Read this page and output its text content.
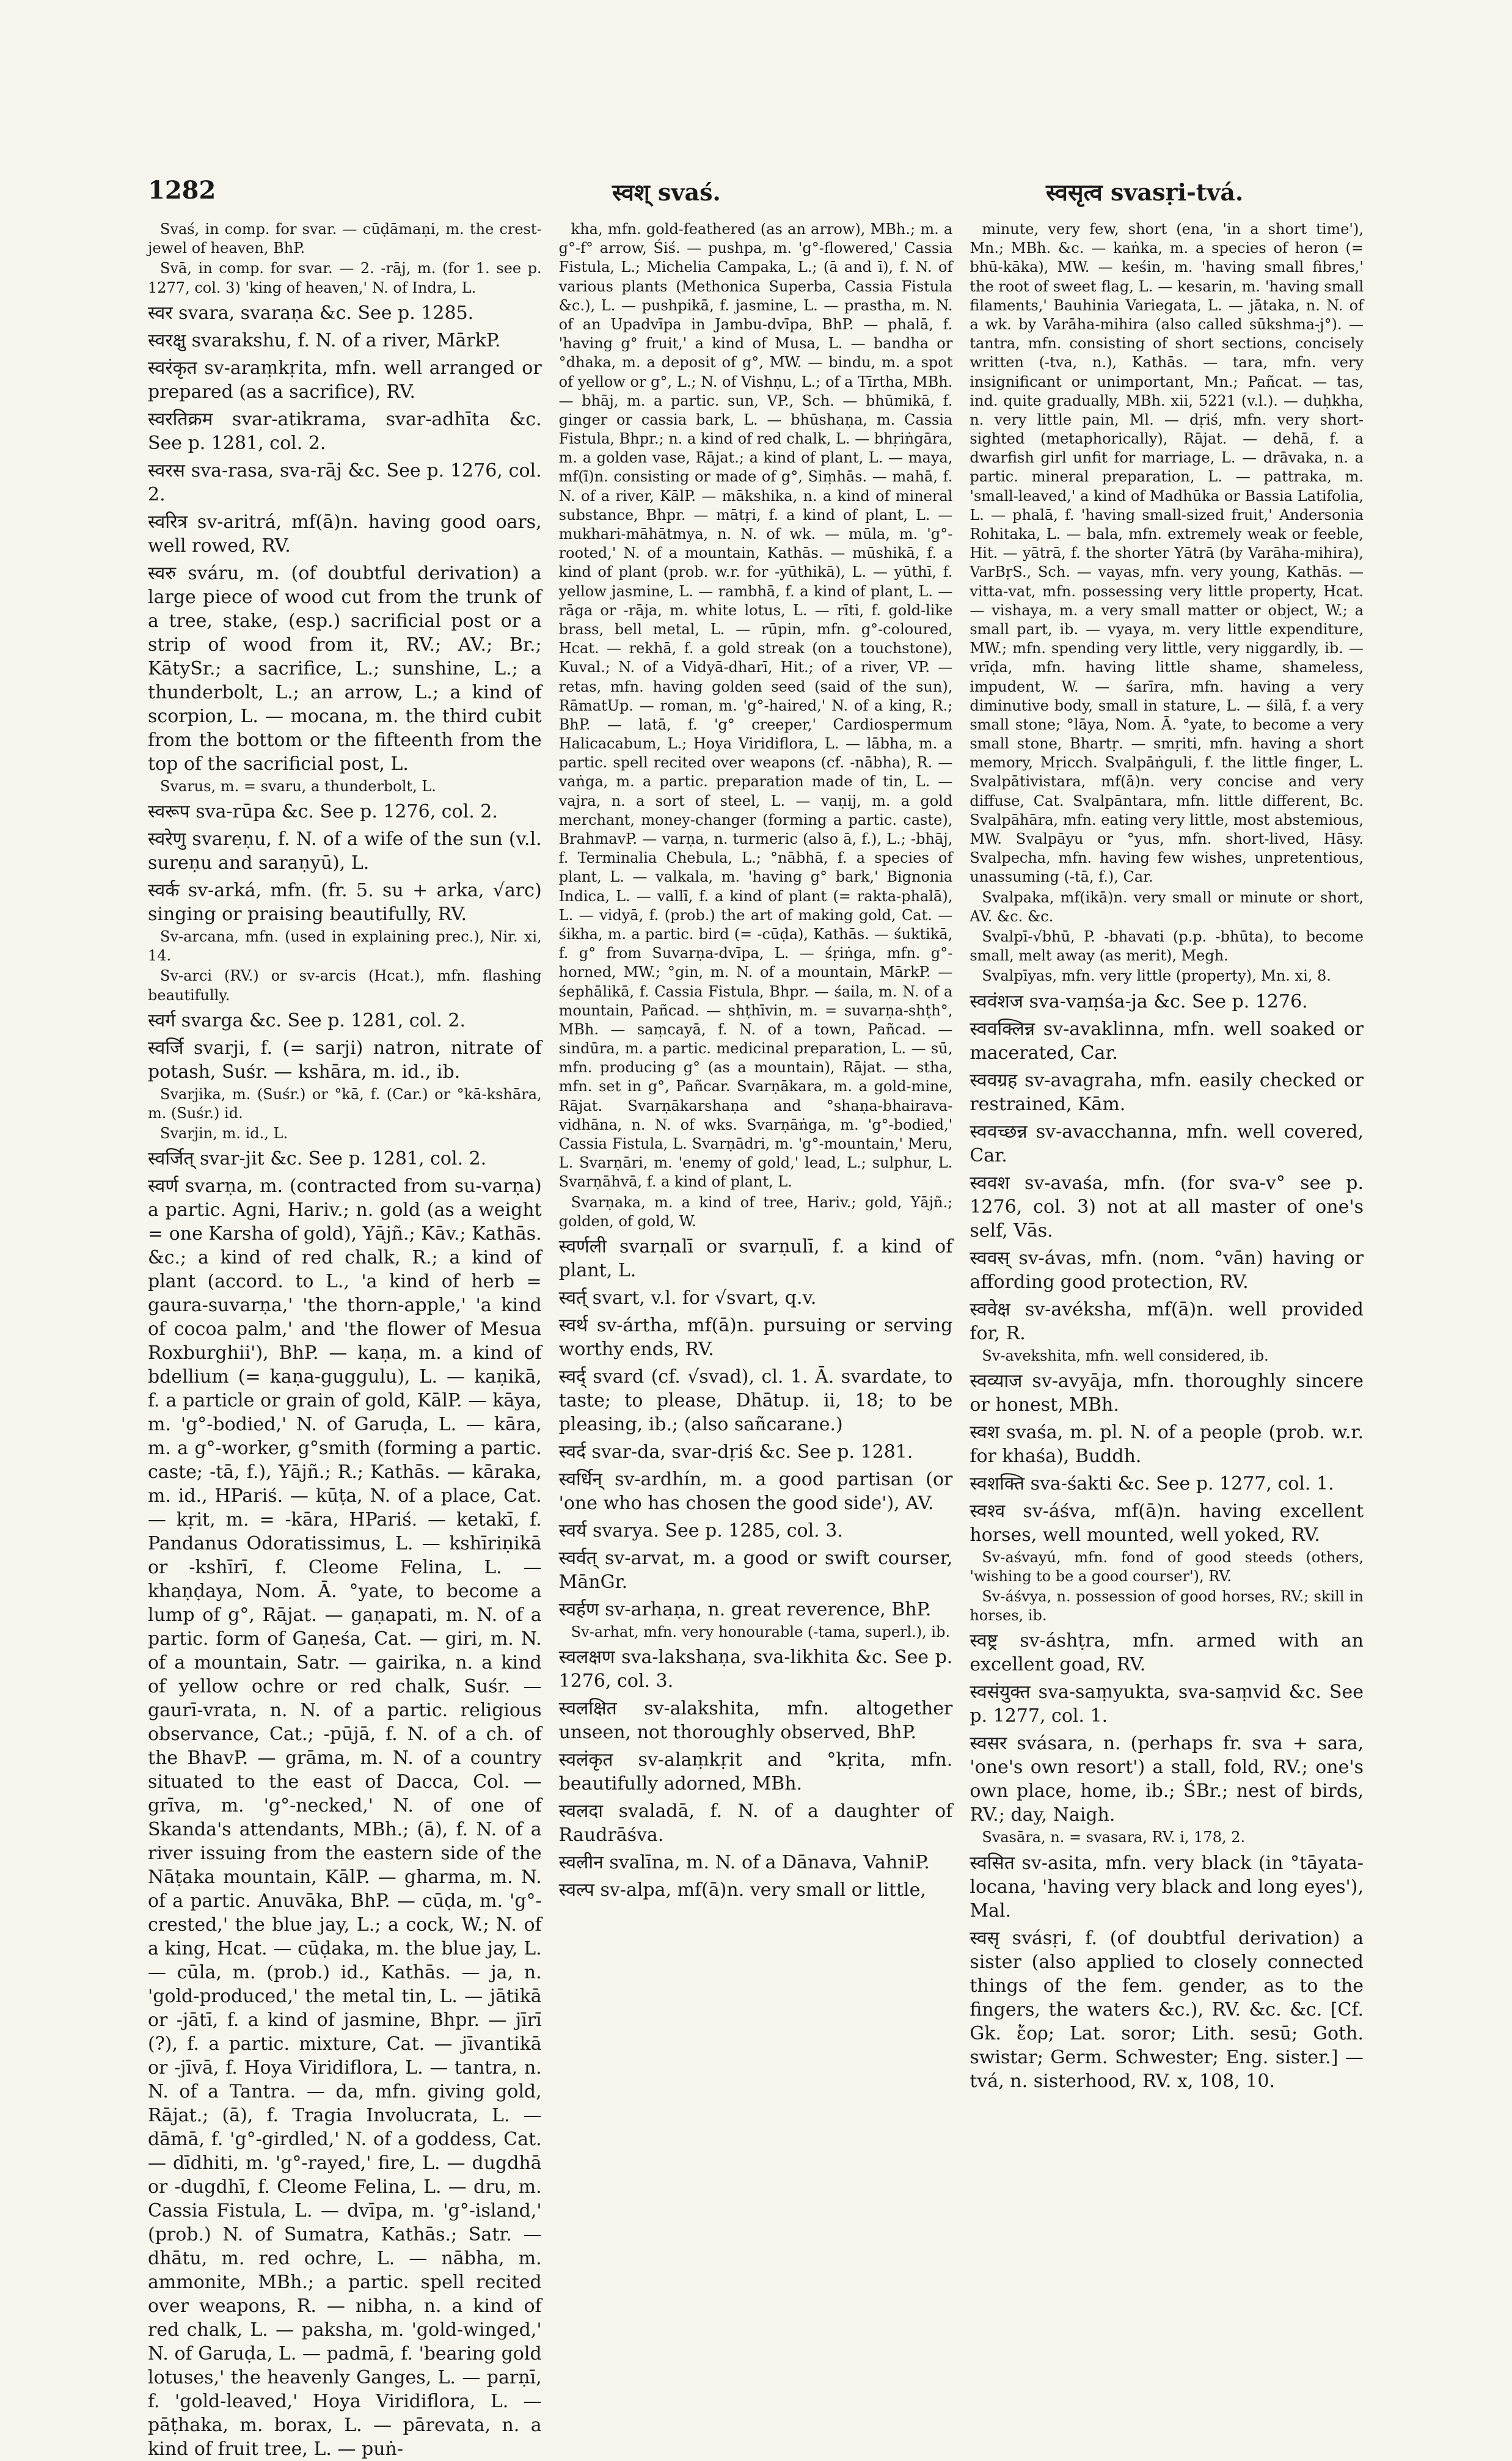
1282	स्वश् svaś.	स्वसृत्व svasṛi-tvá.

Svaś, in comp. for svar. — cūḍāmaṇi, m. the crest-jewel of heaven, BhP.

Svā, in comp. for svar. — 2. -rāj, m. (for 1. see p. 1277, col. 3) 'king of heaven,' N. of Indra, L.

स्वर svara, svaraṇa &c. See p. 1285.

स्वरक्षु svarakshu, f. N. of a river, MārkP.

स्वरंकृत sv-araṃkṛita, mfn. well arranged or prepared (as a sacrifice), RV.

स्वरतिक्रम svar-atikrama, svar-adhīta &c. See p. 1281, col. 2.

स्वरस sva-rasa, sva-rāj &c. See p. 1276, col. 2.

स्वरित्र sv-aritrá, mf(ā)n. having good oars, well rowed, RV.

स्वरु sváru, m. (of doubtful derivation) a large piece of wood cut from the trunk of a tree, stake, (esp.) sacrificial post or a strip of wood from it, RV.; AV.; Br.; KātySr.; a sacrifice, L.; sunshine, L.; a thunderbolt, L.; an arrow, L.; a kind of scorpion, L. — mocana, m. the third cubit from the bottom or the fifteenth from the top of the sacrificial post, L.

Svarus, m. = svaru, a thunderbolt, L.

स्वरूप sva-rūpa &c. See p. 1276, col. 2.

स्वरेणु svareṇu, f. N. of a wife of the sun (v.l. sureṇu and saraṇyū), L.

स्वर्क sv-arká, mfn. (fr. 5. su + arka, √arc) singing or praising beautifully, RV.

Sv-arcana, mfn. (used in explaining prec.), Nir. xi, 14.

Sv-arci (RV.) or sv-arcis (Hcat.), mfn. flashing beautifully.

स्वर्ग svarga &c. See p. 1281, col. 2.

स्वर्जि svarji, f. (= sarji) natron, nitrate of potash, Suśr. — kshāra, m. id., ib.

Svarjika, m. (Suśr.) or °kā, f. (Car.) or °kā-kshāra, m. (Suśr.) id.

Svarjin, m. id., L.

स्वर्जित् svar-jit &c. See p. 1281, col. 2.

स्वर्ण svarṇa, m. (contracted from su-varṇa) a partic. Agni, Hariv.; n. gold (as a weight = one Karsha of gold), Yājñ.; Kāv.; Kathās. &c.; a kind of red chalk, R.; a kind of plant (accord. to L., 'a kind of herb = gaura-suvarṇa,' 'the thorn-apple,' 'a kind of cocoa palm,' and 'the flower of Mesua Roxburghii'), BhP. — kaṇa, m. a kind of bdellium (= kaṇa-guggulu), L. — kaṇikā, f. a particle or grain of gold, KālP. — kāya, m. 'g°-bodied,' N. of Garuḍa, L. — kāra, m. a g°-worker, g°smith (forming a partic. caste; -tā, f.), Yājñ.; R.; Kathās. — kāraka, m. id., HPariś. — kūṭa, N. of a place, Cat. — kṛit, m. = -kāra, HPariś. — ketakī, f. Pandanus Odoratissimus, L. — kshīriṇikā or -kshīrī, f. Cleome Felina, L. — khaṇḍaya, Nom. Ā. °yate, to become a lump of g°, Rājat. — gaṇapati, m. N. of a partic. form of Gaṇeśa, Cat. — giri, m. N. of a mountain, Satr. — gairika, n. a kind of yellow ochre or red chalk, Suśr. — gaurī-vrata, n. N. of a partic. religious observance, Cat.; -pūjā, f. N. of a ch. of the BhavP. — grāma, m. N. of a country situated to the east of Dacca, Col. — grīva, m. 'g°-necked,' N. of one of Skanda's attendants, MBh.; (ā), f. N. of a river issuing from the eastern side of the Nāṭaka mountain, KālP. — gharma, m. N. of a partic. Anuvāka, BhP. — cūḍa, m. 'g°-crested,' the blue jay, L.; a cock, W.; N. of a king, Hcat. — cūḍaka, m. the blue jay, L. — cūla, m. (prob.) id., Kathās. — ja, n. 'gold-produced,' the metal tin, L. — jātikā or -jātī, f. a kind of jasmine, Bhpr. — jīrī (?), f. a partic. mixture, Cat. — jīvantikā or -jīvā, f. Hoya Viridiflora, L. — tantra, n. N. of a Tantra. — da, mfn. giving gold, Rājat.; (ā), f. Tragia Involucrata, L. — dāmā, f. 'g°-girdled,' N. of a goddess, Cat. — dīdhiti, m. 'g°-rayed,' fire, L. — dugdhā or -dugdhī, f. Cleome Felina, L. — dru, m. Cassia Fistula, L. — dvīpa, m. 'g°-island,' (prob.) N. of Sumatra, Kathās.; Satr. — dhātu, m. red ochre, L. — nābha, m. ammonite, MBh.; a partic. spell recited over weapons, R. — nibha, n. a kind of red chalk, L. — paksha, m. 'gold-winged,' N. of Garuḍa, L. — padmā, f. 'bearing gold lotuses,' the heavenly Ganges, L. — parṇī, f. 'gold-leaved,' Hoya Viridiflora, L. — pāṭhaka, m. borax, L. — pārevata, n. a kind of fruit tree, L. — puṅ-

kha, mfn. gold-feathered (as an arrow), MBh.; m. a g°-f° arrow, Śiś. — pushpa, m. 'g°-flowered,' Cassia Fistula, L.; Michelia Campaka, L.; (ā and ī), f. N. of various plants (Methonica Superba, Cassia Fistula &c.), L. — pushpikā, f. jasmine, L. — prastha, m. N. of an Upadvīpa in Jambu-dvīpa, BhP. — phalā, f. 'having g° fruit,' a kind of Musa, L. — bandha or °dhaka, m. a deposit of g°, MW. — bindu, m. a spot of yellow or g°, L.; N. of Vishṇu, L.; of a Tīrtha, MBh. — bhāj, m. a partic. sun, VP., Sch. — bhūmikā, f. ginger or cassia bark, L. — bhūshaṇa, m. Cassia Fistula, Bhpr.; n. a kind of red chalk, L. — bhṛiṅgāra, m. a golden vase, Rājat.; a kind of plant, L. — maya, mf(ī)n. consisting or made of g°, Siṃhās. — mahā, f. N. of a river, KālP. — mākshika, n. a kind of mineral substance, Bhpr. — mātṛi, f. a kind of plant, L. — mukhari-māhātmya, n. N. of wk. — mūla, m. 'g°-rooted,' N. of a mountain, Kathās. — mūshikā, f. a kind of plant (prob. w.r. for -yūthikā), L. — yūthī, f. yellow jasmine, L. — rambhā, f. a kind of plant, L. — rāga or -rāja, m. white lotus, L. — rīti, f. gold-like brass, bell metal, L. — rūpin, mfn. g°-coloured, Hcat. — rekhā, f. a gold streak (on a touchstone), Kuval.; N. of a Vidyā-dharī, Hit.; of a river, VP. — retas, mfn. having golden seed (said of the sun), RāmatUp. — roman, m. 'g°-haired,' N. of a king, R.; BhP. — latā, f. 'g° creeper,' Cardiospermum Halicacabum, L.; Hoya Viridiflora, L. — lābha, m. a partic. spell recited over weapons (cf. -nābha), R. — vaṅga, m. a partic. preparation made of tin, L. — vajra, n. a sort of steel, L. — vaṇij, m. a gold merchant, money-changer (forming a partic. caste), BrahmavP. — varṇa, n. turmeric (also ā, f.), L.; -bhāj, f. Terminalia Chebula, L.; °nābhā, f. a species of plant, L. — valkala, m. 'having g° bark,' Bignonia Indica, L. — vallī, f. a kind of plant (= rakta-phalā), L. — vidyā, f. (prob.) the art of making gold, Cat. — śikha, m. a partic. bird (= -cūḍa), Kathās. — śuktikā, f. g° from Suvarṇa-dvīpa, L. — śṛiṅga, mfn. g°-horned, MW.; °gin, m. N. of a mountain, MārkP. — śephālikā, f. Cassia Fistula, Bhpr. — śaila, m. N. of a mountain, Pañcad. — shṭhīvin, m. = suvarṇa-shṭh°, MBh. — saṃcayā, f. N. of a town, Pañcad. — sindūra, m. a partic. medicinal preparation, L. — sū, mfn. producing g° (as a mountain), Rājat. — stha, mfn. set in g°, Pañcar. Svarṇākara, m. a gold-mine, Rājat. Svarṇākarshaṇa and °shaṇa-bhairava-vidhāna, n. N. of wks. Svarṇāṅga, m. 'g°-bodied,' Cassia Fistula, L. Svarṇādri, m. 'g°-mountain,' Meru, L. Svarṇāri, m. 'enemy of gold,' lead, L.; sulphur, L. Svarṇāhvā, f. a kind of plant, L.

Svarṇaka, m. a kind of tree, Hariv.; gold, Yājñ.; golden, of gold, W.

स्वर्णली svarṇalī or svarṇulī, f. a kind of plant, L.

स्वर्त् svart, v.l. for √svart, q.v.

स्वर्थ sv-ártha, mf(ā)n. pursuing or serving worthy ends, RV.

स्वर्द् svard (cf. √svad), cl. 1. Ā. svardate, to taste; to please, Dhātup. ii, 18; to be pleasing, ib.; (also sañcarane.)

स्वर्द svar-da, svar-dṛiś &c. See p. 1281.

स्वर्धिन् sv-ardhín, m. a good partisan (or 'one who has chosen the good side'), AV.

स्वर्य svarya. See p. 1285, col. 3.

स्वर्वत् sv-arvat, m. a good or swift courser, MānGr.

स्वर्हण sv-arhaṇa, n. great reverence, BhP.

Sv-arhat, mfn. very honourable (-tama, superl.), ib.

स्वलक्षण sva-lakshaṇa, sva-likhita &c. See p. 1276, col. 3.

स्वलक्षित sv-alakshita, mfn. altogether unseen, not thoroughly observed, BhP.

स्वलंकृत sv-alaṃkṛit and °kṛita, mfn. beautifully adorned, MBh.

स्वलदा svaladā, f. N. of a daughter of Raudrāśva.

स्वलीन svalīna, m. N. of a Dānava, VahniP.

स्वल्प sv-alpa, mf(ā)n. very small or little,

minute, very few, short (ena, 'in a short time'), Mn.; MBh. &c. — kaṅka, m. a species of heron (= bhū-kāka), MW. — keśin, m. 'having small fibres,' the root of sweet flag, L. — kesarin, m. 'having small filaments,' Bauhinia Variegata, L. — jātaka, n. N. of a wk. by Varāha-mihira (also called sūkshma-j°). — tantra, mfn. consisting of short sections, concisely written (-tva, n.), Kathās. — tara, mfn. very insignificant or unimportant, Mn.; Pañcat. — tas, ind. quite gradually, MBh. xii, 5221 (v.l.). — duḥkha, n. very little pain, Ml. — dṛiś, mfn. very short-sighted (metaphorically), Rājat. — dehā, f. a dwarfish girl unfit for marriage, L. — drāvaka, n. a partic. mineral preparation, L. — pattraka, m. 'small-leaved,' a kind of Madhūka or Bassia Latifolia, L. — phalā, f. 'having small-sized fruit,' Andersonia Rohitaka, L. — bala, mfn. extremely weak or feeble, Hit. — yātrā, f. the shorter Yātrā (by Varāha-mihira), VarBṛS., Sch. — vayas, mfn. very young, Kathās. — vitta-vat, mfn. possessing very little property, Hcat. — vishaya, m. a very small matter or object, W.; a small part, ib. — vyaya, m. very little expenditure, MW.; mfn. spending very little, very niggardly, ib. — vrīḍa, mfn. having little shame, shameless, impudent, W. — śarīra, mfn. having a very diminutive body, small in stature, L. — śilā, f. a very small stone; °lāya, Nom. Ā. °yate, to become a very small stone, Bhartṛ. — smṛiti, mfn. having a short memory, Mṛicch. Svalpāṅguli, f. the little finger, L. Svalpātivistara, mf(ā)n. very concise and very diffuse, Cat. Svalpāntara, mfn. little different, Bc. Svalpāhāra, mfn. eating very little, most abstemious, MW. Svalpāyu or °yus, mfn. short-lived, Hāsy. Svalpecha, mfn. having few wishes, unpretentious, unassuming (-tā, f.), Car.

Svalpaka, mf(ikā)n. very small or minute or short, AV. &c. &c.

Svalpī-√bhū, P. -bhavati (p.p. -bhūta), to become small, melt away (as merit), Megh.

Svalpīyas, mfn. very little (property), Mn. xi, 8.

स्ववंशज sva-vaṃśa-ja &c. See p. 1276.

स्ववक्लिन्न sv-avaklinna, mfn. well soaked or macerated, Car.

स्ववग्रह sv-avagraha, mfn. easily checked or restrained, Kām.

स्ववच्छन्न sv-avacchanna, mfn. well covered, Car.

स्ववश sv-avaśa, mfn. (for sva-v° see p. 1276, col. 3) not at all master of one's self, Vās.

स्ववस् sv-ávas, mfn. (nom. °vān) having or affording good protection, RV.

स्ववेक्ष sv-avéksha, mf(ā)n. well provided for, R.

Sv-avekshita, mfn. well considered, ib.

स्वव्याज sv-avyāja, mfn. thoroughly sincere or honest, MBh.

स्वश svaśa, m. pl. N. of a people (prob. w.r. for khaśa), Buddh.

स्वशक्ति sva-śakti &c. See p. 1277, col. 1.

स्वश्व sv-áśva, mf(ā)n. having excellent horses, well mounted, well yoked, RV.

Sv-aśvayú, mfn. fond of good steeds (others, 'wishing to be a good courser'), RV.

Sv-áśvya, n. possession of good horses, RV.; skill in horses, ib.

स्वष्ट्र sv-áshṭra, mfn. armed with an excellent goad, RV.

स्वसंयुक्त sva-saṃyukta, sva-saṃvid &c. See p. 1277, col. 1.

स्वसर svásara, n. (perhaps fr. sva + sara, 'one's own resort') a stall, fold, RV.; one's own place, home, ib.; ŚBr.; nest of birds, RV.; day, Naigh.

Svasāra, n. = svasara, RV. i, 178, 2.

स्वसित sv-asita, mfn. very black (in °tāyata-locana, 'having very black and long eyes'), Mal.

स्वसृ svásṛi, f. (of doubtful derivation) a sister (also applied to closely connected things of the fem. gender, as to the fingers, the waters &c.), RV. &c. &c. [Cf. Gk. ἔορ; Lat. soror; Lith. sesū; Goth. swistar; Germ. Schwester; Eng. sister.] — tvá, n. sisterhood, RV. x, 108, 10.
